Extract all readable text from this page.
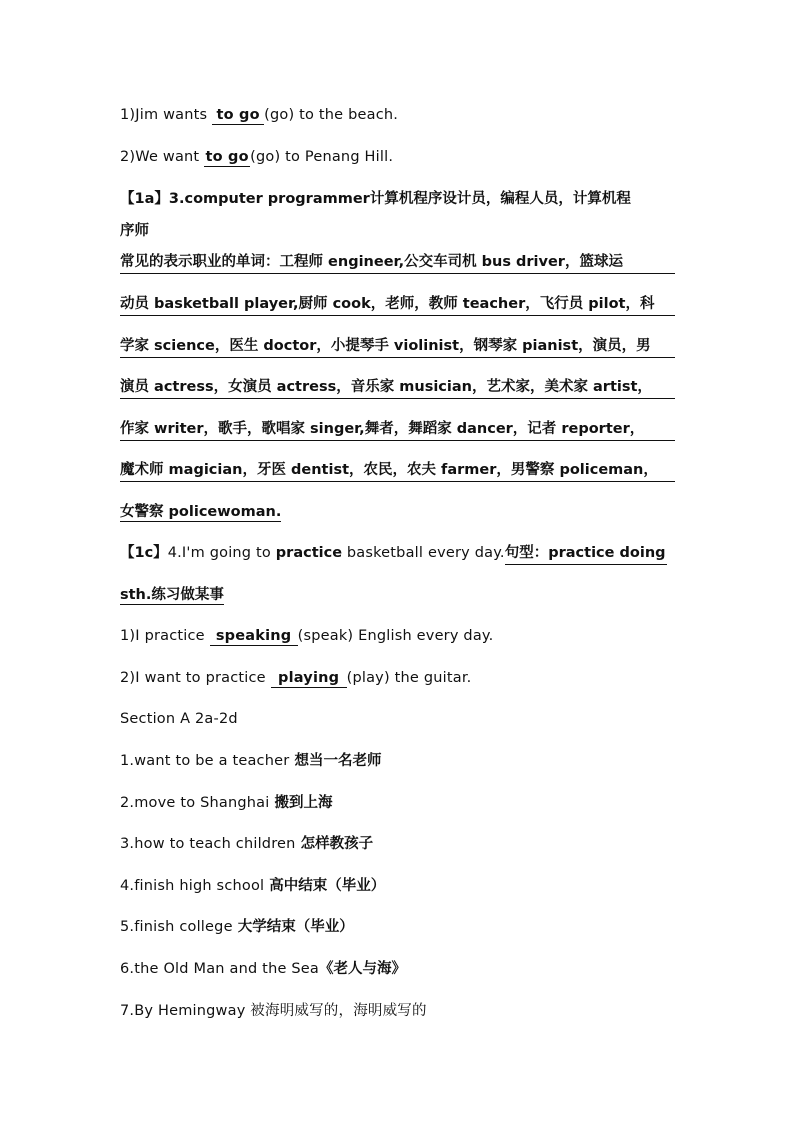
1)Jim wants to go (go) to the beach.
2)We want to go(go) to Penang Hill.
【1a】3.computer programmer计算机程序设计员，编程人员，计算机程
序师
常见的表示职业的单词：工程师 engineer,公交车司机 bus driver，篮球运
动员 basketball player,厨师 cook，老师，教师 teacher，飞行员 pilot，科
学家 science，医生 doctor，小提琴手 violinist，钢琴家 pianist，演员，男
演员 actress，女演员 actress，音乐家 musician，艺术家，美术家 artist，
作家 writer，歌手，歌唱家 singer,舞者，舞蹈家 dancer，记者 reporter，
魔术师 magician，牙医 dentist，农民，农夫 farmer，男警察 policeman，
女警察 policewoman.
【1c】4.I'm going to practice basketball every day.句型：practice doing
sth.练习做某事
1)I practice speaking (speak) English every day.
2)I want to practice playing (play) the guitar.
Section A 2a-2d
1.want to be a teacher 想当一名老师
2.move to Shanghai 搬到上海
3.how to teach children 怎样教孩子
4.finish high school 高中结束（毕业）
5.finish college 大学结束（毕业）
6.the Old Man and the Sea《老人与海》
7.By Hemingway 被海明威写的，海明威写的
